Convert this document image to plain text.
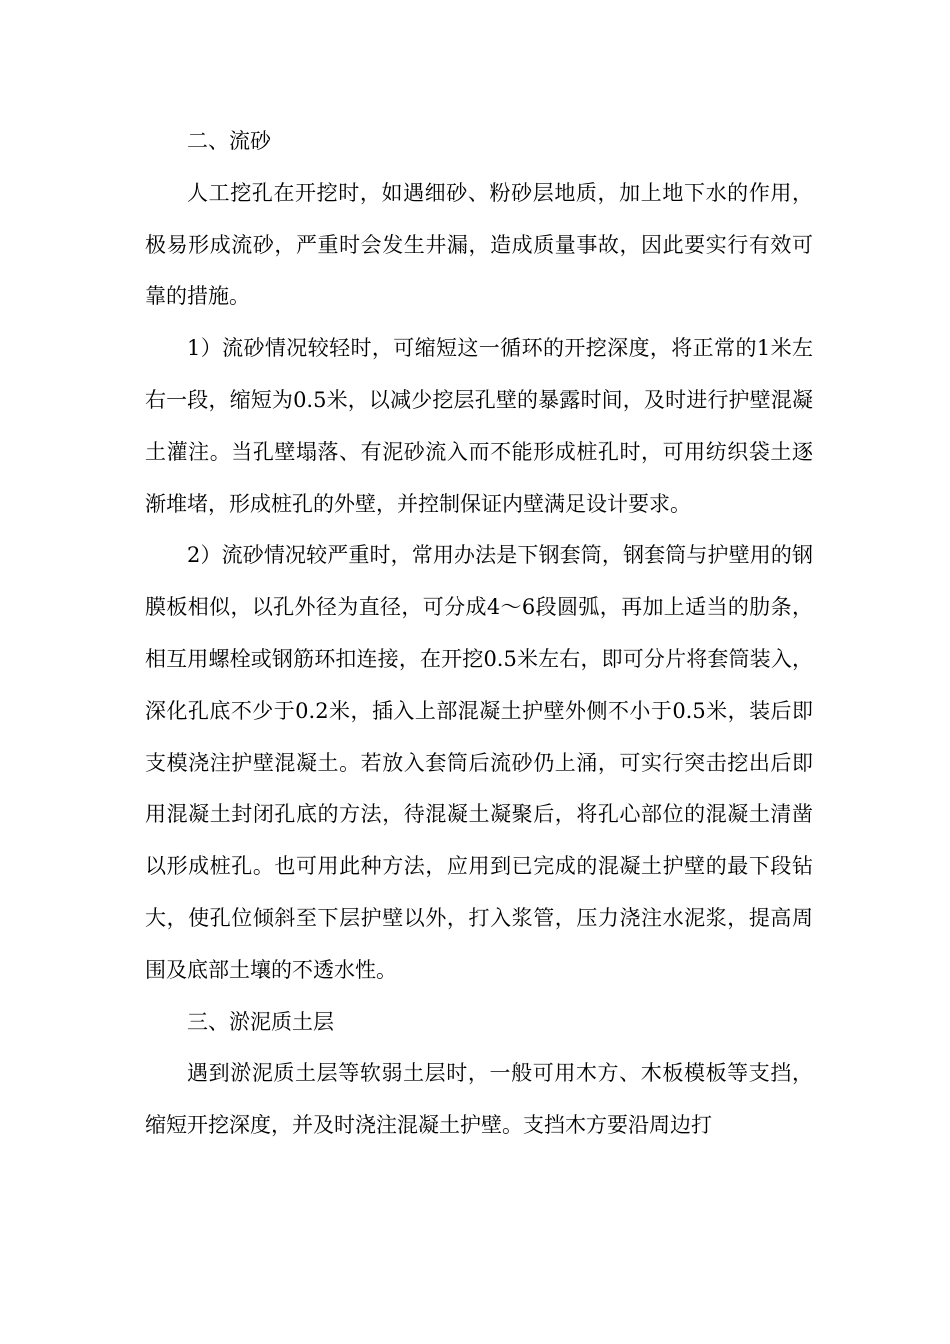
二、流砂

人工挖孔在开挖时，如遇细砂、粉砂层地质，加上地下水的作用，极易形成流砂，严重时会发生井漏，造成质量事故，因此要实行有效可靠的措施。

1）流砂情况较轻时，可缩短这一循环的开挖深度，将正常的1米左右一段，缩短为0.5米，以减少挖层孔壁的暴露时间，及时进行护壁混凝土灌注。当孔壁塌落、有泥砂流入而不能形成桩孔时，可用纺织袋土逐渐堆堵，形成桩孔的外壁，并控制保证内壁满足设计要求。

2）流砂情况较严重时，常用办法是下钢套筒，钢套筒与护壁用的钢膜板相似，以孔外径为直径，可分成4～6段圆弧，再加上适当的肋条，相互用螺栓或钢筋环扣连接，在开挖0.5米左右，即可分片将套筒装入，深化孔底不少于0.2米，插入上部混凝土护壁外侧不小于0.5米，装后即支模浇注护壁混凝土。若放入套筒后流砂仍上涌，可实行突击挖出后即用混凝土封闭孔底的方法，待混凝土凝聚后，将孔心部位的混凝土清凿以形成桩孔。也可用此种方法，应用到已完成的混凝土护壁的最下段钻大，使孔位倾斜至下层护壁以外，打入浆管，压力浇注水泥浆，提高周围及底部土壤的不透水性。

三、淤泥质土层

遇到淤泥质土层等软弱土层时，一般可用木方、木板模板等支挡，缩短开挖深度，并及时浇注混凝土护壁。支挡木方要沿周边打
